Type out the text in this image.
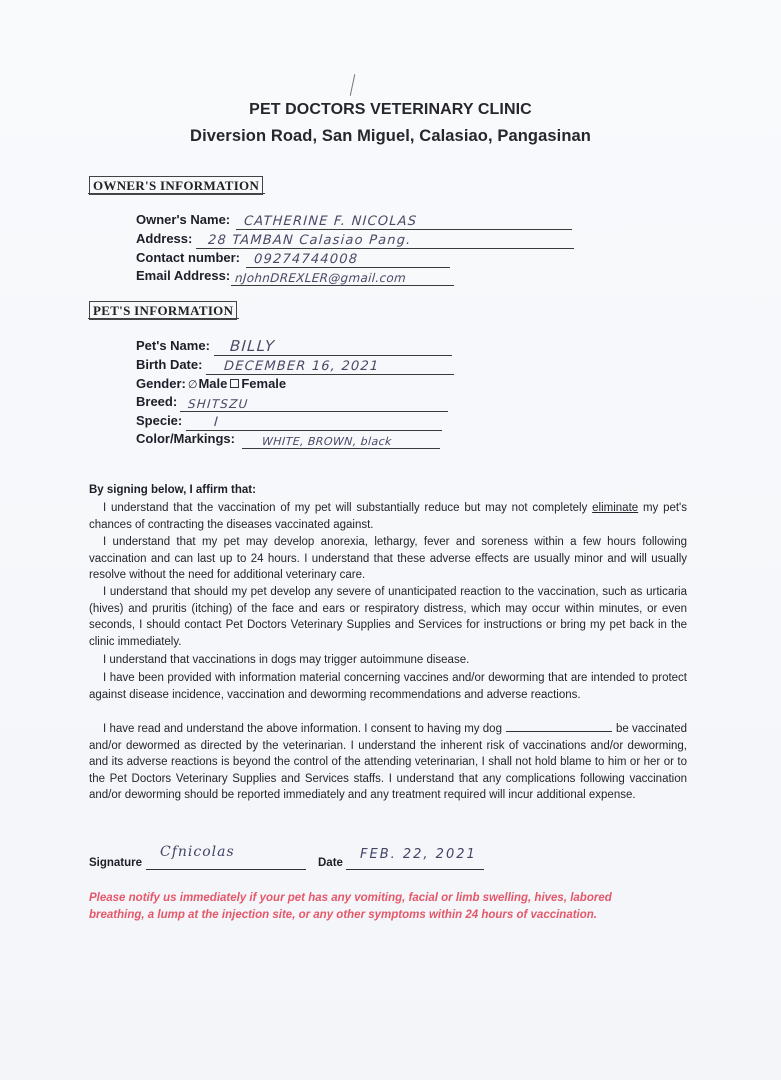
PET DOCTORS VETERINARY CLINIC
Diversion Road, San Miguel, Calasiao, Pangasinan
OWNER'S INFORMATION
Owner's Name: CATHERINE F. NICOLAS
Address: 28 TAMBAN Calasiao Pang.
Contact number: 09274744008
Email Address: nJohnDREXLER@gmail.com
PET'S INFORMATION
Pet's Name: BILLY
Birth Date: DECEMBER 16, 2021
Gender: ∅Male Female
Breed: SHITSZU
Specie: I
Color/Markings: WHITE, BROWN, black
By signing below, I affirm that:
I understand that the vaccination of my pet will substantially reduce but may not completely eliminate my pet's chances of contracting the diseases vaccinated against.
I understand that my pet may develop anorexia, lethargy, fever and soreness within a few hours following vaccination and can last up to 24 hours. I understand that these adverse effects are usually minor and will usually resolve without the need for additional veterinary care.
I understand that should my pet develop any severe of unanticipated reaction to the vaccination, such as urticaria (hives) and pruritis (itching) of the face and ears or respiratory distress, which may occur within minutes, or even seconds, I should contact Pet Doctors Veterinary Supplies and Services for instructions or bring my pet back in the clinic immediately.
I understand that vaccinations in dogs may trigger autoimmune disease.
I have been provided with information material concerning vaccines and/or deworming that are intended to protect against disease incidence, vaccination and deworming recommendations and adverse reactions.
I have read and understand the above information. I consent to having my dog	be vaccinated and/or dewormed as directed by the veterinarian. I understand the inherent risk of vaccinations and/or deworming, and its adverse reactions is beyond the control of the attending veterinarian, I shall not hold blame to him or her or to the Pet Doctors Veterinary Supplies and Services staffs. I understand that any complications following vaccination and/or deworming should be reported immediately and any treatment required will incur additional expense.
Signature
Cfnicolas
Date
FEB. 22, 2021
Please notify us immediately if your pet has any vomiting, facial or limb swelling, hives, labored breathing, a lump at the injection site, or any other symptoms within 24 hours of vaccination.
